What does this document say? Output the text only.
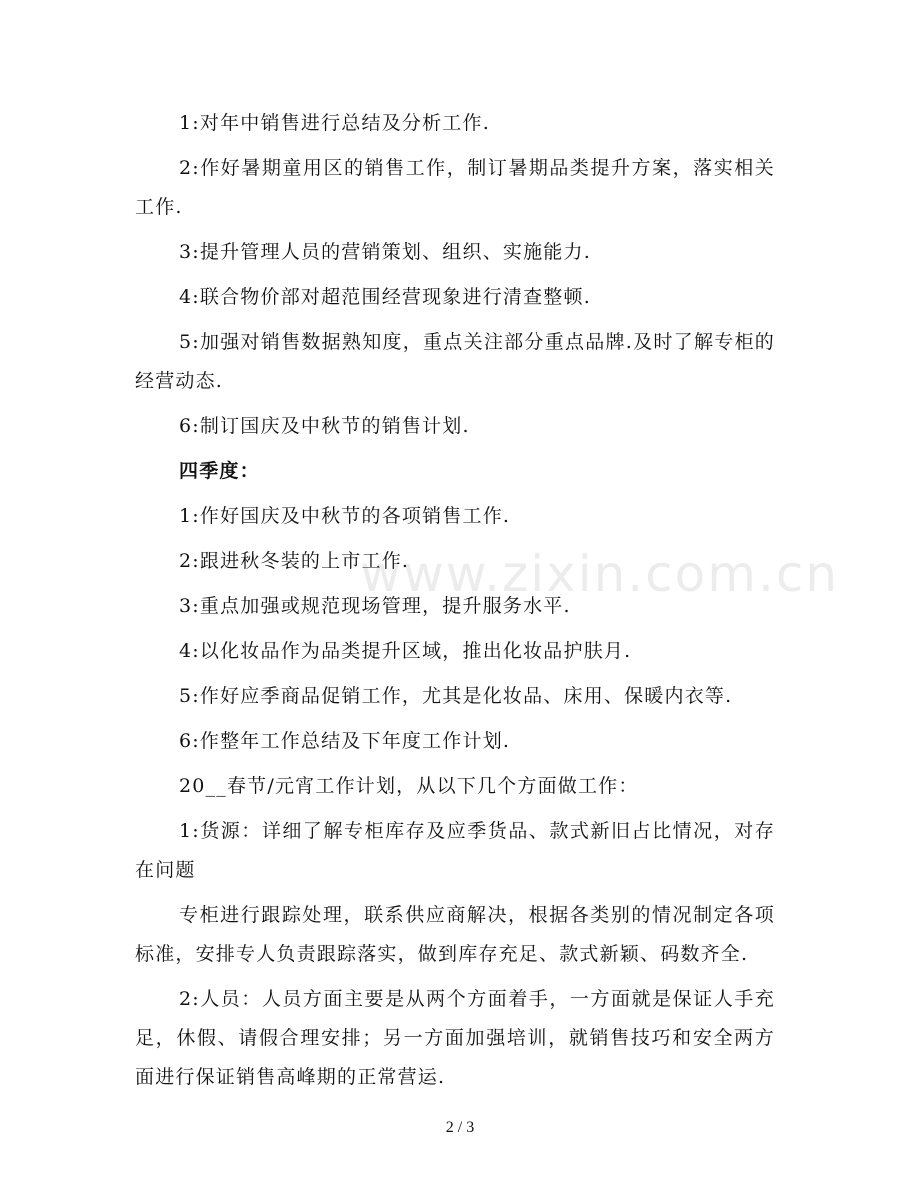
1:对年中销售进行总结及分析工作.

2:作好暑期童用区的销售工作，制订暑期品类提升方案，落实相关工作.

3:提升管理人员的营销策划、组织、实施能力.

4:联合物价部对超范围经营现象进行清查整顿.

5:加强对销售数据熟知度，重点关注部分重点品牌.及时了解专柜的经营动态.

6:制订国庆及中秋节的销售计划.

四季度：

1:作好国庆及中秋节的各项销售工作.

2:跟进秋冬装的上市工作.

3:重点加强或规范现场管理，提升服务水平.

4:以化妆品作为品类提升区域，推出化妆品护肤月.

5:作好应季商品促销工作，尤其是化妆品、床用、保暖内衣等.

6:作整年工作总结及下年度工作计划.

20__春节/元宵工作计划，从以下几个方面做工作：

1:货源：详细了解专柜库存及应季货品、款式新旧占比情况，对存在问题

专柜进行跟踪处理，联系供应商解决，根据各类别的情况制定各项标准，安排专人负责跟踪落实，做到库存充足、款式新颖、码数齐全.

2:人员：人员方面主要是从两个方面着手，一方面就是保证人手充足，休假、请假合理安排；另一方面加强培训，就销售技巧和安全两方面进行保证销售高峰期的正常营运.

www.zixin.com.cn
2 / 3
